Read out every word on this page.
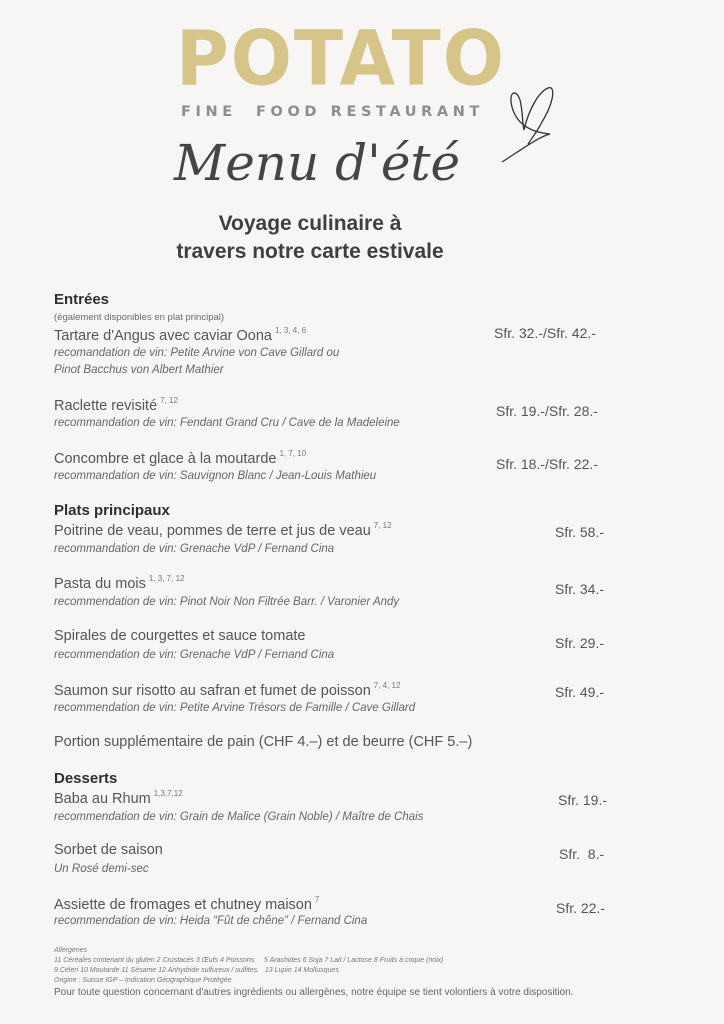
POTATO
FINE  FOOD RESTAURANT
Menu d'été
Voyage culinaire à
travers notre carte estivale
Entrées
(également disponibles en plat principal)
Tartare d'Angus avec caviar Oona $^{1, 3, 4, 6}$
recomandation de vin: Petite Arvine von Cave Gillard ou
Pinot Bacchus von Albert Mathier
Sfr. 32.-/Sfr. 42.-
Raclette revisité $^{7, 12}$
recommandation de vin: Fendant Grand Cru / Cave de la Madeleine
Sfr. 19.-/Sfr. 28.-
Concombre et glace à la moutarde $^{1, 7, 10}$
recommandation de vin: Sauvignon Blanc / Jean-Louis Mathieu
Sfr. 18.-/Sfr. 22.-
Plats principaux
Poitrine de veau, pommes de terre et jus de veau $^{7, 12}$
recommandation de vin: Grenache VdP / Fernand Cina
Sfr. 58.-
Pasta du mois $^{1, 3, 7, 12}$
recommendation de vin: Pinot Noir Non Filtrée Barr. / Varonier Andy
Sfr. 34.-
Spirales de courgettes et sauce tomate
recommendation de vin: Grenache VdP / Fernand Cina
Sfr. 29.-
Saumon sur risotto au safran et fumet de poisson $^{7, 4, 12}$
recommendation de vin: Petite Arvine Trésors de Famille / Cave Gillard
Sfr. 49.-
Portion supplémentaire de pain (CHF 4.–) et de beurre (CHF 5.–)
Desserts
Baba au Rhum $^{1,3,7,12}$
recommendation de vin: Grain de Malice (Grain Noble) / Maître de Chais
Sfr. 19.-
Sorbet de saison
Un Rosé demi-sec
Sfr.  8.-
Assiette de fromages et chutney maison $^7$
recommendation de vin: Heida “Fût de chêne” / Fernand Cina
Sfr. 22.-
Allergènes
11 Céréales contenant du gluten 2 Crustacés 3 Œufs 4 Poissons     5 Arachides 6 Soja 7 Lait / Lactose 8 Fruits à coque (noix)
9 Céleri 10 Moutarde 11 Sésame 12 Anhydride sulfureux / sulfites.   13 Lupin 14 Mollusques
Origine : Suisse IGP – Indication Géographique Protégée
Pour toute question concernant d'autres ingrédients ou allergènes, notre équipe se tient volontiers à votre disposition.
